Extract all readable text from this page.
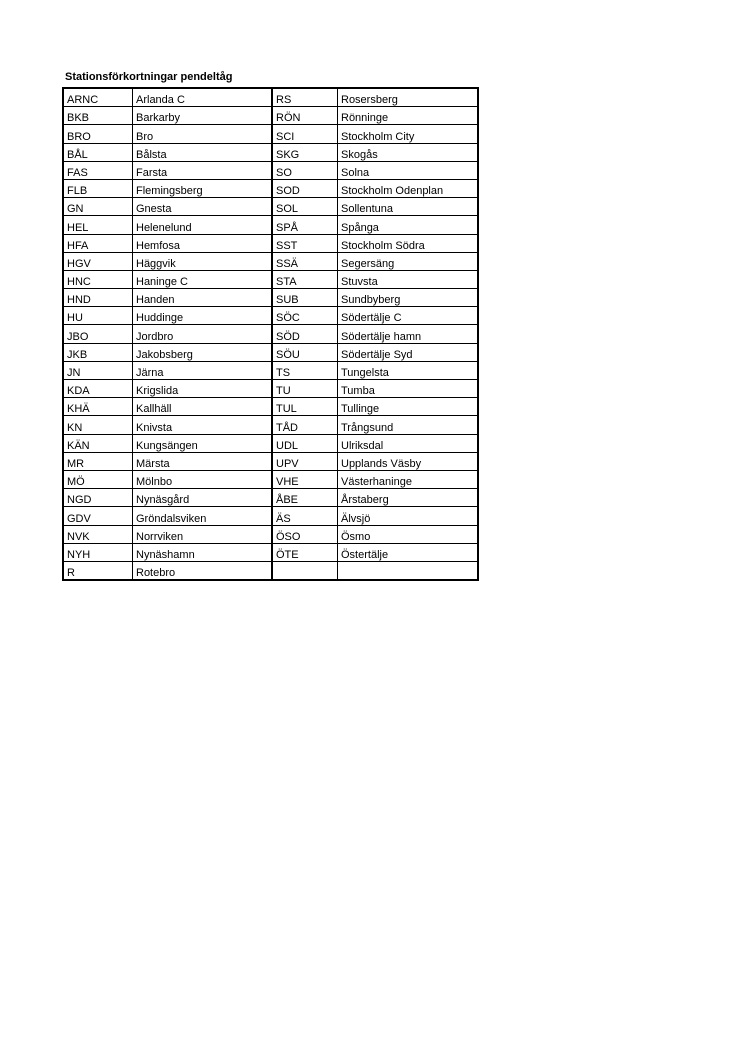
Stationsförkortningar pendeltåg
ARNC	Arlanda C	RS	Rosersberg
BKB	Barkarby	RÖN	Rönninge
BRO	Bro	SCI	Stockholm City
BÅL	Bålsta	SKG	Skogås
FAS	Farsta	SO	Solna
FLB	Flemingsberg	SOD	Stockholm Odenplan
GN	Gnesta	SOL	Sollentuna
HEL	Helenelund	SPÅ	Spånga
HFA	Hemfosa	SST	Stockholm Södra
HGV	Häggvik	SSÄ	Segersäng
HNC	Haninge C	STA	Stuvsta
HND	Handen	SUB	Sundbyberg
HU	Huddinge	SÖC	Södertälje C
JBO	Jordbro	SÖD	Södertälje hamn
JKB	Jakobsberg	SÖU	Södertälje Syd
JN	Järna	TS	Tungelsta
KDA	Krigslida	TU	Tumba
KHÄ	Kallhäll	TUL	Tullinge
KN	Knivsta	TÅD	Trångsund
KÄN	Kungsängen	UDL	Ulriksdal
MR	Märsta	UPV	Upplands Väsby
MÖ	Mölnbo	VHE	Västerhaninge
NGD	Nynäsgård	ÅBE	Årstaberg
GDV	Gröndalsviken	ÄS	Älvsjö
NVK	Norrviken	ÖSO	Ösmo
NYH	Nynäshamn	ÖTE	Östertälje
R	Rotebro		
